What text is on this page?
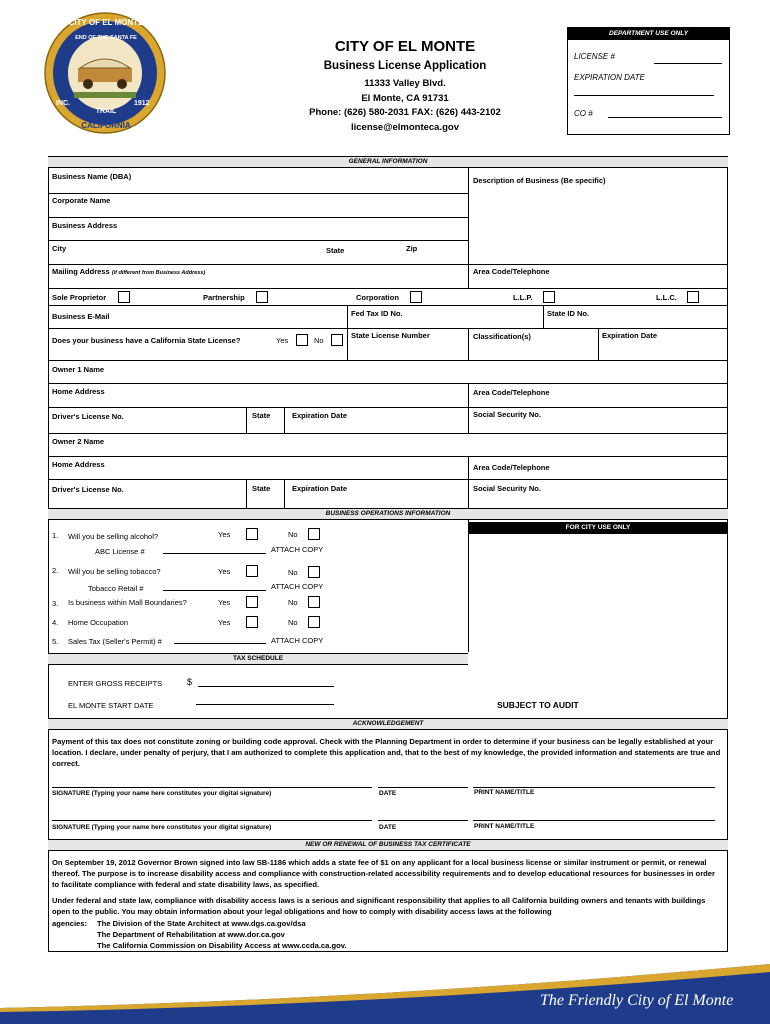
CITY OF EL MONTE
END OF THE SANTA FE
INC.	1912
TRAIL
CALIFORNIA
CITY OF EL MONTE
Business License Application
11333 Valley Blvd.
El Monte, CA 91731
Phone: (626) 580-2031 FAX: (626) 443-2102
license@elmonteca.gov
DEPARTMENT USE ONLY
LICENSE #
EXPIRATION DATE
CO #
GENERAL INFORMATION
Business Name (DBA)	Description of Business (Be specific)
Corporate Name
Business Address
City	State	Zip
Mailing Address (if different from Business Address)	Area Code/Telephone
Sole Proprietor	Partnership	Corporation	L.L.P.	L.L.C.
Business E-Mail	Fed Tax ID No.	State ID No.
Does your business have a California State License?	Yes	No
State License Number	Classification(s)	Expiration Date
Owner 1 Name
Home Address	Area Code/Telephone
Driver's License No.	State	Expiration Date	Social Security No.
Owner 2 Name
Home Address	Area Code/Telephone
Driver's License No.	State	Expiration Date	Social Security No.
BUSINESS OPERATIONS INFORMATION
FOR CITY USE ONLY
1. Will you be selling alcohol?	Yes	No
ABC License #	ATTACH COPY
2. Will you be selling tobacco?	Yes	No
Tobacco Retail #	ATTACH COPY
3. Is business within Mall Boundaries?	Yes	No
4. Home Occupation	Yes	No
5. Sales Tax (Seller's Permit) #	ATTACH COPY
TAX SCHEDULE
ENTER GROSS RECEIPTS	$
EL MONTE START DATE	SUBJECT TO AUDIT
ACKNOWLEDGEMENT
Payment of this tax does not constitute zoning or building code approval. Check with the Planning Department in order to determine if your business can be legally established at your location. I declare, under penalty of perjury, that I am authorized to complete this application and, that to the best of my knowledge, the provided information and statements are true and correct.
SIGNATURE (Typing your name here constitutes your digital signature)	DATE	PRINT NAME/TITLE
SIGNATURE (Typing your name here constitutes your digital signature)	DATE	PRINT NAME/TITLE
NEW OR RENEWAL OF BUSINESS TAX CERTIFICATE
On September 19, 2012 Governor Brown signed into law SB-1186 which adds a state fee of $1 on any applicant for a local business license or similar instrument or permit, or renewal thereof. The purpose is to increase disability access and compliance with construction-related accessibility requirements and to develop educational resources for businesses in order to facilitate compliance with federal and state disability laws, as specified.
Under federal and state law, compliance with disability access laws is a serious and significant responsibility that applies to all California building owners and tenants with buildings open to the public. You may obtain information about your legal obligations and how to comply with disability access laws at the following
agencies: The Division of the State Architect at www.dgs.ca.gov/dsa
The Department of Rehabilitation at www.dor.ca.gov
The California Commission on Disability Access at www.ccda.ca.gov.
The Friendly City of El Monte
